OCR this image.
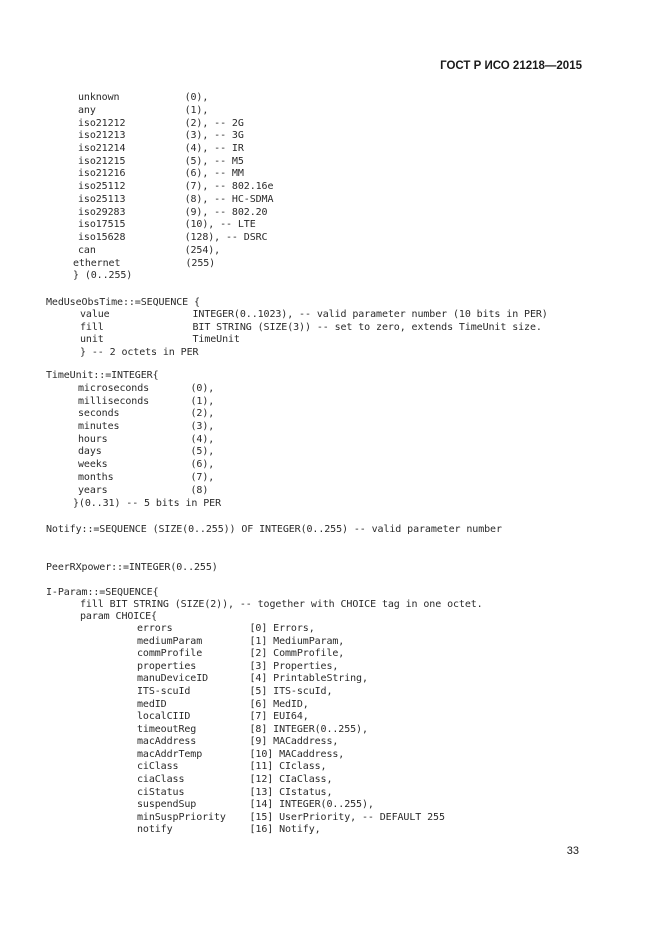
ГОСТ Р ИСО 21218—2015
unknown           (0),
any               (1),
iso21212          (2), -- 2G
iso21213          (3), -- 3G
iso21214          (4), -- IR
iso21215          (5), -- M5
iso21216          (6), -- MM
iso25112          (7), -- 802.16e
iso25113          (8), -- HC-SDMA
iso29283          (9), -- 802.20
iso17515          (10), -- LTE
iso15628          (128), -- DSRC
can               (254),
ethernet           (255)
} (0..255)
MedUseObsTime::=SEQUENCE {
value              INTEGER(0..1023), -- valid parameter number (10 bits in PER)
fill               BIT STRING (SIZE(3)) -- set to zero, extends TimeUnit size.
unit               TimeUnit
} -- 2 octets in PER
TimeUnit::=INTEGER{
microseconds       (0),
milliseconds       (1),
seconds            (2),
minutes            (3),
hours              (4),
days               (5),
weeks              (6),
months             (7),
years              (8)
}(0..31) -- 5 bits in PER
Notify::=SEQUENCE (SIZE(0..255)) OF INTEGER(0..255) -- valid parameter number
PeerRXpower::=INTEGER(0..255)
I-Param::=SEQUENCE{
fill BIT STRING (SIZE(2)), -- together with CHOICE tag in one octet.
param CHOICE{
errors             [0] Errors,
mediumParam        [1] MediumParam,
commProfile        [2] CommProfile,
properties         [3] Properties,
manuDeviceID       [4] PrintableString,
ITS-scuId          [5] ITS-scuId,
medID              [6] MedID,
localCIID          [7] EUI64,
timeoutReg         [8] INTEGER(0..255),
macAddress         [9] MACaddress,
macAddrTemp        [10] MACaddress,
ciClass            [11] CIclass,
ciaClass           [12] CIaClass,
ciStatus           [13] CIstatus,
suspendSup         [14] INTEGER(0..255),
minSuspPriority    [15] UserPriority, -- DEFAULT 255
notify             [16] Notify,
33
